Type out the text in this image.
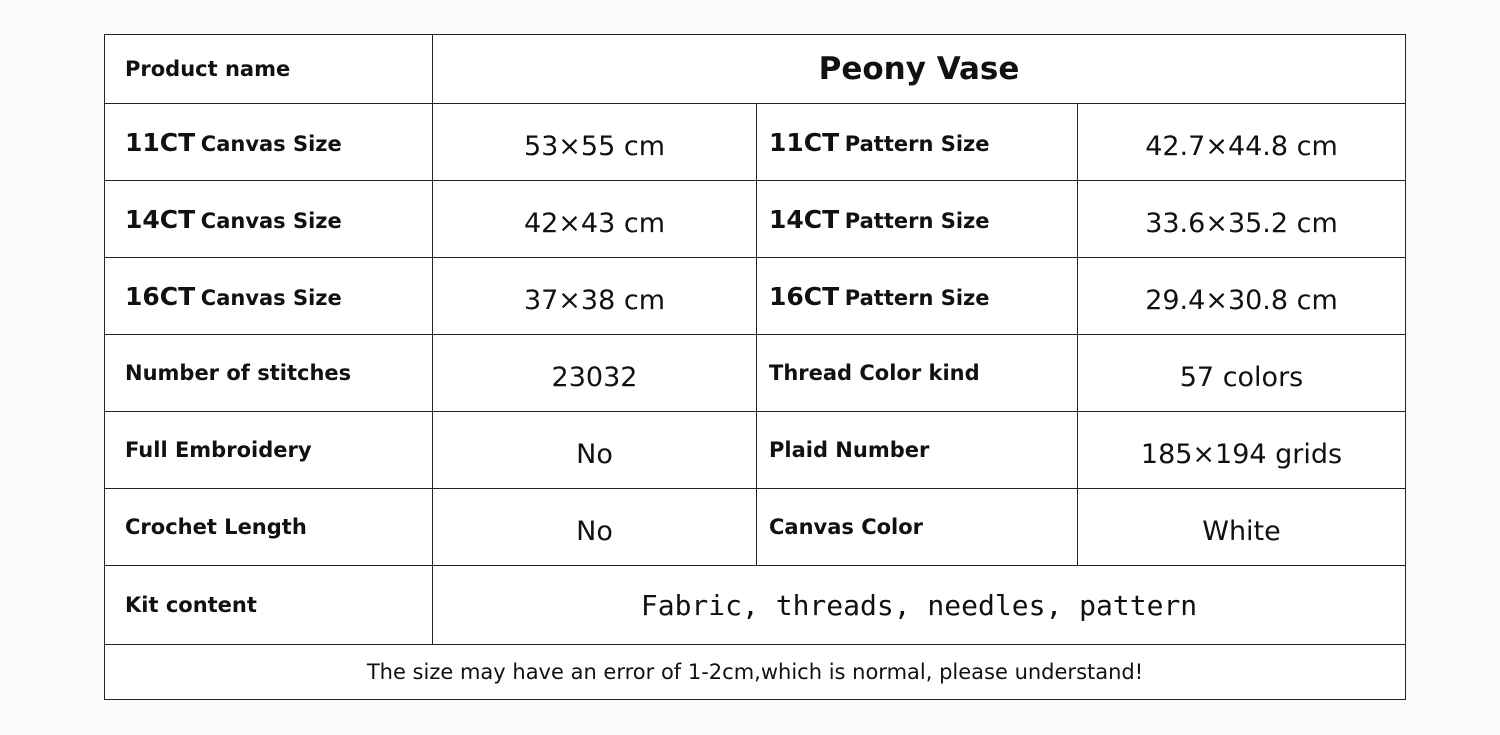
Product name	Peony Vase		
11CT Canvas Size	53×55 cm	11CT Pattern Size	42.7×44.8 cm
14CT Canvas Size	42×43 cm	14CT Pattern Size	33.6×35.2 cm
16CT Canvas Size	37×38 cm	16CT Pattern Size	29.4×30.8 cm
Number of stitches	23032	Thread Color kind	57 colors
Full Embroidery	No	Plaid Number	185×194 grids
Crochet Length	No	Canvas Color	White
Kit content	Fabric, threads, needles, pattern		
The size may have an error of 1-2cm,which is normal, please understand!			
